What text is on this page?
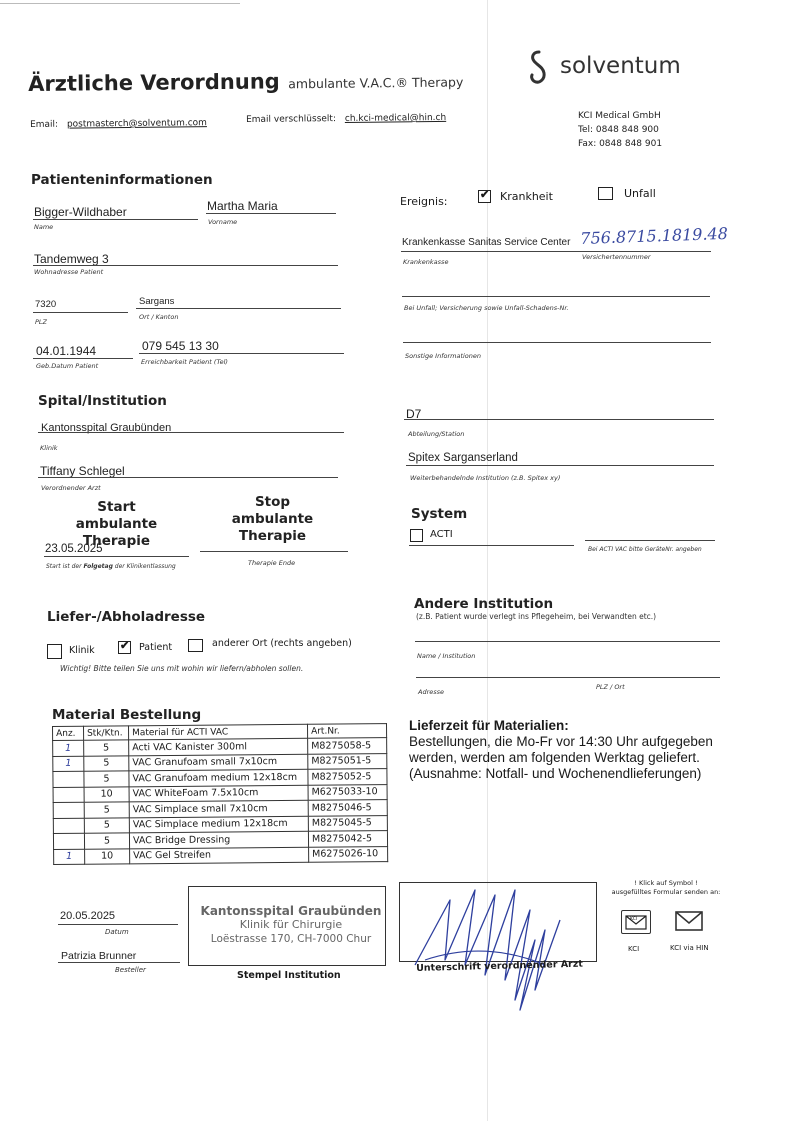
Ärztliche Verordnung ambulante V.A.C.® Therapy
Email: postmasterch@solventum.com	Email verschlüsselt: ch.kci-medical@hin.ch
solventum
KCI Medical GmbH
Tel: 0848 848 900
Fax: 0848 848 901
Patienteninformationen
Bigger-Wildhaber
Name
Martha Maria
Vorname
Tandemweg 3
Wohnadresse Patient
7320
PLZ
Sargans
Ort / Kanton
04.01.1944
Geb.Datum Patient
079 545 13 30
Erreichbarkeit Patient (Tel)
Ereignis:	✔ Krankheit	Unfall
Krankenkasse Sanitas Service Center 756.8715.1819.48
Krankenkasse
Versichertennummer
Bei Unfall; Versicherung sowie Unfall-Schadens-Nr.
Sonstige Informationen
Spital/Institution
Kantonsspital Graubünden
Klinik
Tiffany Schlegel
Verordnender Arzt
D7
Abteilung/Station
Spitex Sarganserland
Weiterbehandelnde Institution (z.B. Spitex xy)
Start
ambulante Therapie
Stop
ambulante Therapie
23.05.2025
Start ist der Folgetag der Klinikentlassung	Therapie Ende
System
ACTI
Bei ACTI VAC bitte GeräteNr. angeben
Liefer-/Abholadresse
Klinik ✔ Patient	anderer Ort (rechts angeben)
Wichtig! Bitte teilen Sie uns mit wohin wir liefern/abholen sollen.
Andere Institution
(z.B. Patient wurde verlegt ins Pflegeheim, bei Verwandten etc.)
Name / Institution
PLZ / Ort
Adresse
Material Bestellung
Anz.	Stk/Ktn.	Material für ACTI VAC	Art.Nr.
1	5	Acti VAC Kanister 300ml	M8275058-5
1	5	VAC Granufoam small 7x10cm	M8275051-5
	5	VAC Granufoam medium 12x18cm	M8275052-5
	10	VAC WhiteFoam 7.5x10cm	M6275033-10
	5	VAC Simplace small 7x10cm	M8275046-5
	5	VAC Simplace medium 12x18cm	M8275045-5
	5	VAC Bridge Dressing	M8275042-5
1	10	VAC Gel Streifen	M6275026-10
Lieferzeit für Materialien:
Bestellungen, die Mo-Fr vor 14:30 Uhr aufgegeben
werden, werden am folgenden Werktag geliefert.
(Ausnahme: Notfall- und Wochenendlieferungen)
20.05.2025
Datum
Patrizia Brunner
Besteller
Kantonsspital Graubünden
Klinik für Chirurgie
Loëstrasse 170, CH-7000 Chur
Stempel Institution
Unterschrift verordnender Arzt
! Klick auf Symbol !
ausgefülltes Formular senden an:
KCI
KCI	KCI via HIN
